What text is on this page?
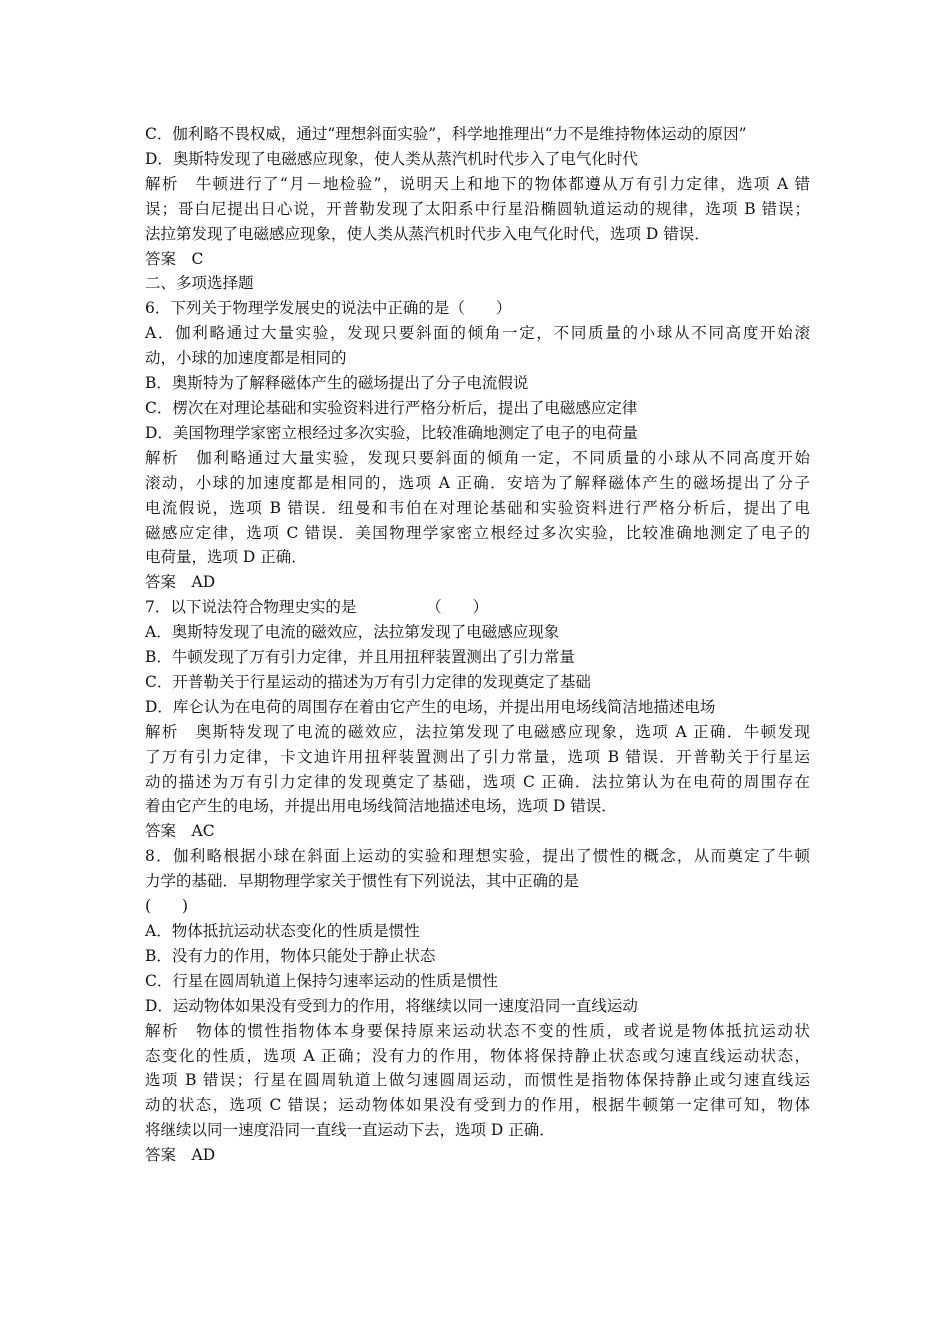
C．伽利略不畏权威，通过“理想斜面实验”，科学地推理出“力不是维持物体运动的原因”
D．奥斯特发现了电磁感应现象，使人类从蒸汽机时代步入了电气化时代
解析　牛顿进行了“月－地检验”，说明天上和地下的物体都遵从万有引力定律，选项 A 错
误；哥白尼提出日心说，开普勒发现了太阳系中行星沿椭圆轨道运动的规律，选项 B 错误；
法拉第发现了电磁感应现象，使人类从蒸汽机时代步入电气化时代，选项 D 错误．
答案　C
二、多项选择题
6．下列关于物理学发展史的说法中正确的是（　　）
A．伽利略通过大量实验，发现只要斜面的倾角一定，不同质量的小球从不同高度开始滚
动，小球的加速度都是相同的
B．奥斯特为了解释磁体产生的磁场提出了分子电流假说
C．楞次在对理论基础和实验资料进行严格分析后，提出了电磁感应定律
D．美国物理学家密立根经过多次实验，比较准确地测定了电子的电荷量
解析　伽利略通过大量实验，发现只要斜面的倾角一定，不同质量的小球从不同高度开始
滚动，小球的加速度都是相同的，选项 A 正确．安培为了解释磁体产生的磁场提出了分子
电流假说，选项 B 错误．纽曼和韦伯在对理论基础和实验资料进行严格分析后，提出了电
磁感应定律，选项 C 错误．美国物理学家密立根经过多次实验，比较准确地测定了电子的
电荷量，选项 D 正确．
答案　AD
7．以下说法符合物理史实的是　　　　　（　　）
A．奥斯特发现了电流的磁效应，法拉第发现了电磁感应现象
B．牛顿发现了万有引力定律，并且用扭秤装置测出了引力常量
C．开普勒关于行星运动的描述为万有引力定律的发现奠定了基础
D．库仑认为在电荷的周围存在着由它产生的电场，并提出用电场线简洁地描述电场
解析　奥斯特发现了电流的磁效应，法拉第发现了电磁感应现象，选项 A 正确．牛顿发现
了万有引力定律，卡文迪许用扭秤装置测出了引力常量，选项 B 错误．开普勒关于行星运
动的描述为万有引力定律的发现奠定了基础，选项 C 正确．法拉第认为在电荷的周围存在
着由它产生的电场，并提出用电场线简洁地描述电场，选项 D 错误．
答案　AC
8．伽利略根据小球在斜面上运动的实验和理想实验，提出了惯性的概念，从而奠定了牛顿
力学的基础．早期物理学家关于惯性有下列说法，其中正确的是
(　　)
A．物体抵抗运动状态变化的性质是惯性
B．没有力的作用，物体只能处于静止状态
C．行星在圆周轨道上保持匀速率运动的性质是惯性
D．运动物体如果没有受到力的作用，将继续以同一速度沿同一直线运动
解析　物体的惯性指物体本身要保持原来运动状态不变的性质，或者说是物体抵抗运动状
态变化的性质，选项 A 正确；没有力的作用，物体将保持静止状态或匀速直线运动状态，
选项 B 错误；行星在圆周轨道上做匀速圆周运动，而惯性是指物体保持静止或匀速直线运
动的状态，选项 C 错误；运动物体如果没有受到力的作用，根据牛顿第一定律可知，物体
将继续以同一速度沿同一直线一直运动下去，选项 D 正确．
答案　AD
